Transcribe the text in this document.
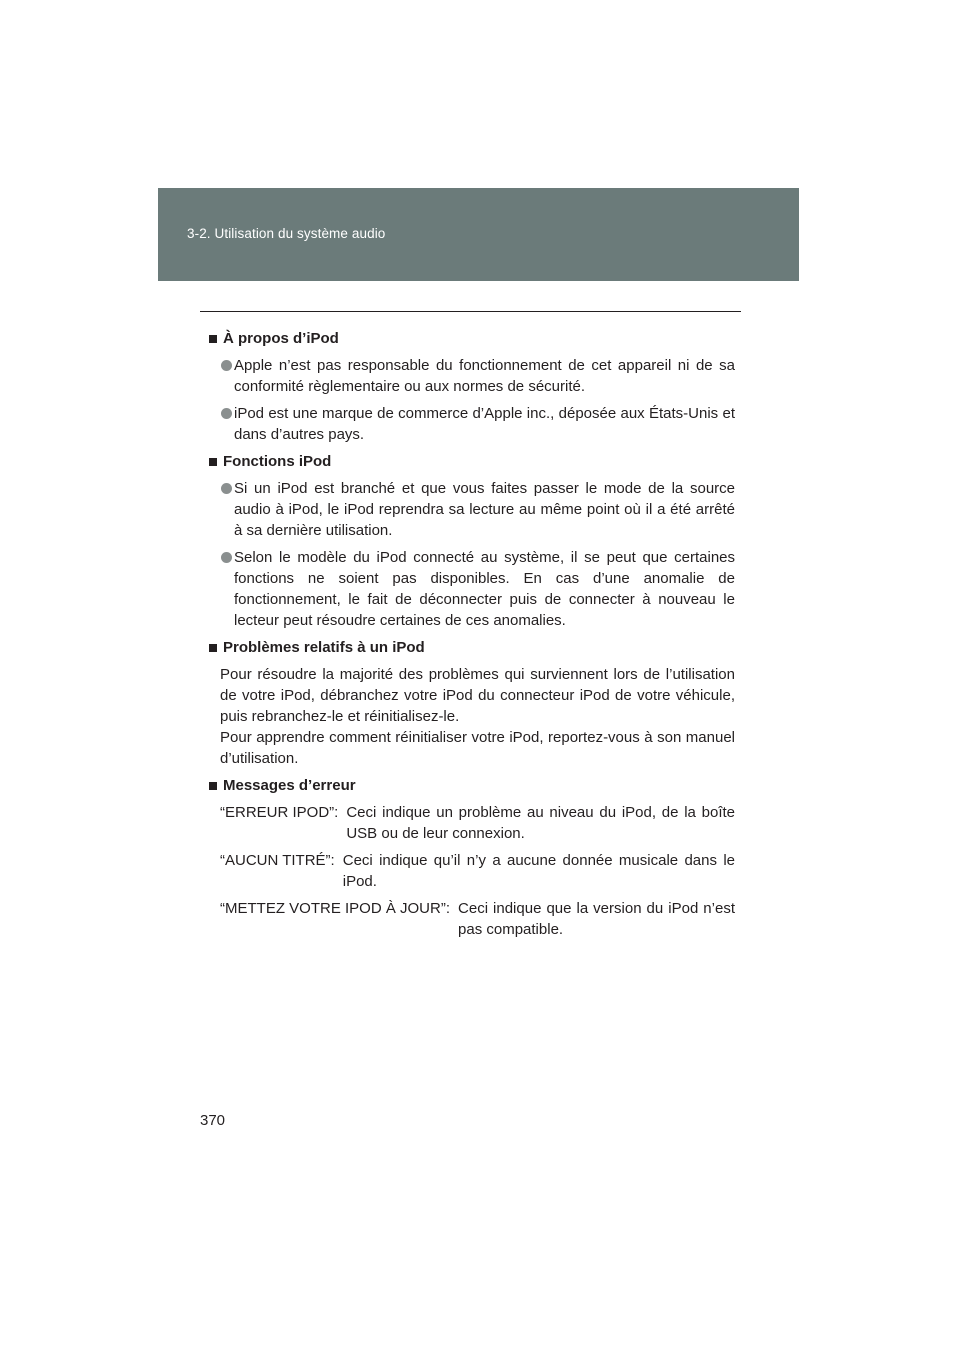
3-2. Utilisation du système audio
À propos d’iPod
Apple n’est pas responsable du fonctionnement de cet appareil ni de sa conformité règlementaire ou aux normes de sécurité.
iPod est une marque de commerce d’Apple inc., déposée aux États-Unis et dans d’autres pays.
Fonctions iPod
Si un iPod est branché et que vous faites passer le mode de la source audio à iPod, le iPod reprendra sa lecture au même point où il a été arrêté à sa dernière utilisation.
Selon le modèle du iPod connecté au système, il se peut que certaines fonctions ne soient pas disponibles. En cas d’une anomalie de fonctionnement, le fait de déconnecter puis de connecter à nouveau le lecteur peut résoudre certaines de ces anomalies.
Problèmes relatifs à un iPod
Pour résoudre la majorité des problèmes qui surviennent lors de l’utilisation de votre iPod, débranchez votre iPod du connecteur iPod de votre véhicule, puis rebranchez-le et réinitialisez-le.
Pour apprendre comment réinitialiser votre iPod, reportez-vous à son manuel d’utilisation.
Messages d’erreur
“ERREUR IPOD”: Ceci indique un problème au niveau du iPod, de la boîte USB ou de leur connexion.
“AUCUN TITRÉ”: Ceci indique qu’il n’y a aucune donnée musicale dans le iPod.
“METTEZ VOTRE IPOD À JOUR”: Ceci indique que la version du iPod n’est pas compatible.
370
